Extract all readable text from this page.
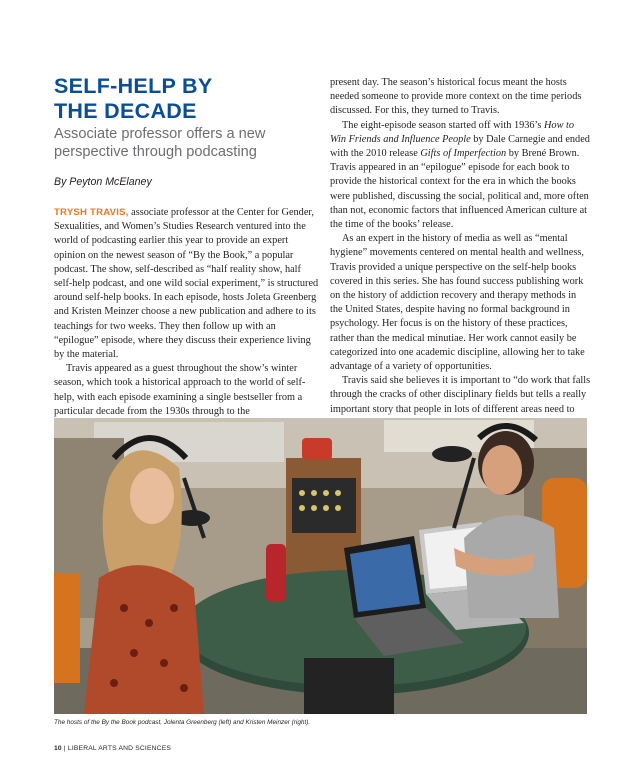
SELF-HELP BY
THE DECADE
Associate professor offers a new perspective through podcasting
By Peyton McElaney

TRYSH TRAVIS, associate professor at the Center for Gender, Sexualities, and Women’s Studies Research ventured into the world of podcasting earlier this year to provide an expert opinion on the newest season of “By the Book,” a popular podcast. The show, self-described as “half reality show, half self-help podcast, and one wild social experiment,” is structured around self-help books. In each episode, hosts Joleta Greenberg and Kristen Meinzer choose a new publication and adhere to its teachings for two weeks. They then follow up with an “epilogue” episode, where they discuss their experience living by the material.

Travis appeared as a guest throughout the show’s winter season, which took a historical approach to the world of self-help, with each episode examining a single bestseller from a particular decade from the 1930s through to the

present day. The season’s historical focus meant the hosts needed someone to provide more context on the time periods discussed. For this, they turned to Travis.

The eight-episode season started off with 1936’s How to Win Friends and Influence People by Dale Carnegie and ended with the 2010 release Gifts of Imperfection by Brené Brown. Travis appeared in an “epilogue” episode for each book to provide the historical context for the era in which the books were published, discussing the social, political and, more often than not, economic factors that influenced American culture at the time of the books’ release.

As an expert in the history of media as well as “mental hygiene” movements centered on mental health and wellness, Travis provided a unique perspective on the self-help books covered in this series. She has found success publishing work on the history of addiction recovery and therapy methods in the United States, despite having no formal background in psychology. Her focus is on the history of these practices, rather than the medical minutiae. Her work cannot easily be categorized into one academic discipline, allowing her to take advantage of a variety of opportunities.

Travis said she believes it is important to “do work that falls through the cracks of other disciplinary fields but tells a really important story that people in lots of different areas need to

The hosts of the By the Book podcast, Jolenta Greenberg (left) and Kristen Meinzer (right).
10 | LIBERAL ARTS AND SCIENCES
